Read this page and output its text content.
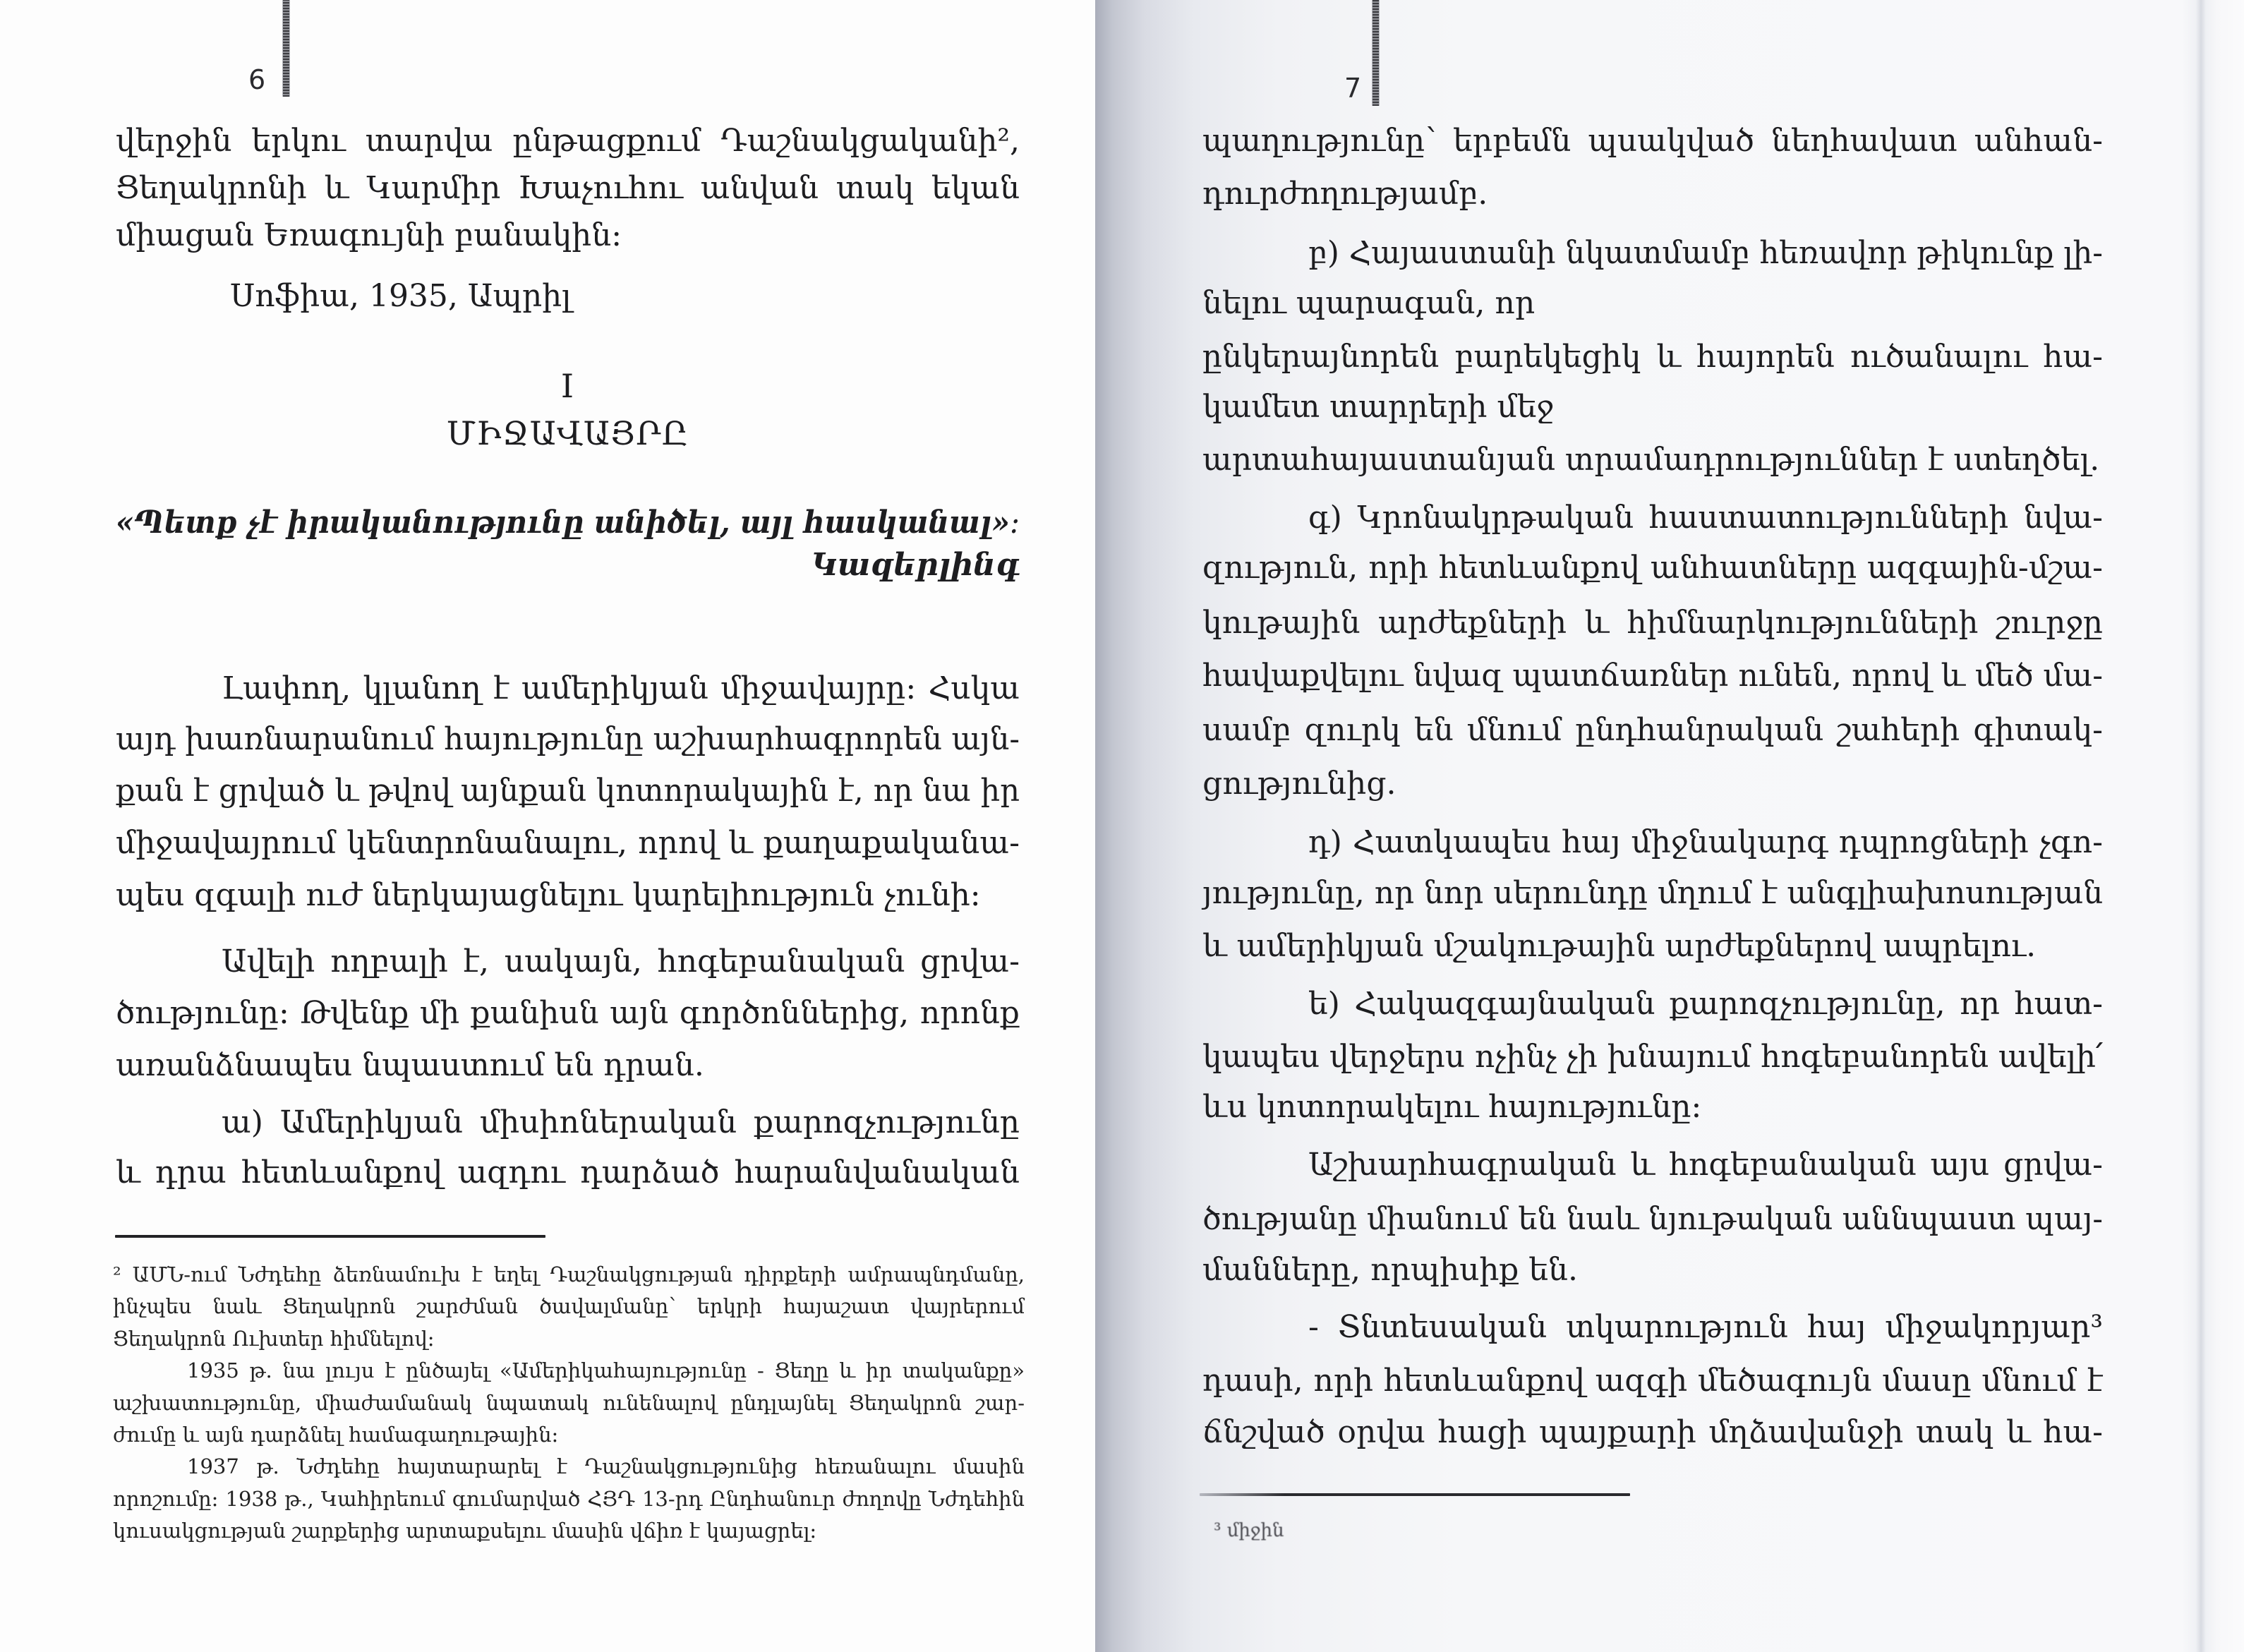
6
վերջին երկու տարվա ընթացքում Դաշնակցականի²,
Ցեղակրոնի և Կարմիր Խաչուհու անվան տակ եկան
միացան Եռագույնի բանակին։
Սոֆիա, 1935, Ապրիլ
I
ՄԻՋԱՎԱՅՐԸ
«Պետք չէ իրականությունը անիծել, այլ հասկանալ»։
Կազերլինգ
Լափող, կլանող է ամերիկյան միջավայրը։ Հսկա
այդ խառնարանում հայությունը աշխարհագրորեն այն-
քան է ցրված և թվով այնքան կոտորակային է, որ նա իր
միջավայրում կենտրոնանալու, որով և քաղաքականա-
պես զգալի ուժ ներկայացնելու կարելիություն չունի։
Ավելի ողբալի է, սակայն, հոգեբանական ցրվա-
ծությունը։ Թվենք մի քանիսն այն գործոններից, որոնք
առանձնապես նպաստում են դրան.
ա) Ամերիկյան միսիոներական քարոզչությունը
և դրա հետևանքով ազդու դարձած հարանվանական
² ԱՄՆ-ում Նժդեհը ձեռնամուխ է եղել Դաշնակցության դիրքերի ամրապնդմանը,
ինչպես նաև Ցեղակրոն շարժման ծավալմանը՝ երկրի հայաշատ վայրերում
Ցեղակրոն Ուխտեր հիմնելով։
1935 թ. նա լույս է ընծայել «Ամերիկահայությունը - Ցեղը և իր տականքը»
աշխատությունը, միաժամանակ նպատակ ունենալով ընդլայնել Ցեղակրոն շար-
ժումը և այն դարձնել համագաղութային։
1937 թ. Նժդեհը հայտարարել է Դաշնակցությունից հեռանալու մասին
որոշումը։ 1938 թ., Կահիրեում գումարված ՀՅԴ 13-րդ Ընդհանուր ժողովը Նժդեհին
կուսակցության շարքերից արտաքսելու մասին վճիռ է կայացրել։
7
պաղությունը՝ երբեմն պսակված նեղհավատ անհան-
դուրժողությամբ.
բ) Հայաստանի նկատմամբ հեռավոր թիկունք լի-
նելու պարագան, որ
ընկերայնորեն բարեկեցիկ և հայորեն ուծանալու հա-
կամետ տարրերի մեջ
արտահայաստանյան տրամադրություններ է ստեղծել.
գ) Կրոնակրթական հաստատությունների նվա-
զություն, որի հետևանքով անհատները ազգային-մշա-
կութային արժեքների և հիմնարկությունների շուրջը
հավաքվելու նվազ պատճառներ ունեն, որով և մեծ մա-
սամբ զուրկ են մնում ընդհանրական շահերի գիտակ-
ցությունից.
դ) Հատկապես հայ միջնակարգ դպրոցների չգո-
յությունը, որ նոր սերունդը մղում է անգլիախոսության
և ամերիկյան մշակութային արժեքներով ապրելու.
ե) Հակազգայնական քարոզչությունը, որ հատ-
կապես վերջերս ոչինչ չի խնայում հոգեբանորեն ավելի՛
ևս կոտորակելու հայությունը։
Աշխարհագրական և հոգեբանական այս ցրվա-
ծությանը միանում են նաև նյութական աննպաստ պայ-
մանները, որպիսիք են.
- Տնտեսական տկարություն հայ միջակորյար³
դասի, որի հետևանքով ազգի մեծագույն մասը մնում է
ճնշված օրվա հացի պայքարի մղձավանջի տակ և հա-
³ միջին
